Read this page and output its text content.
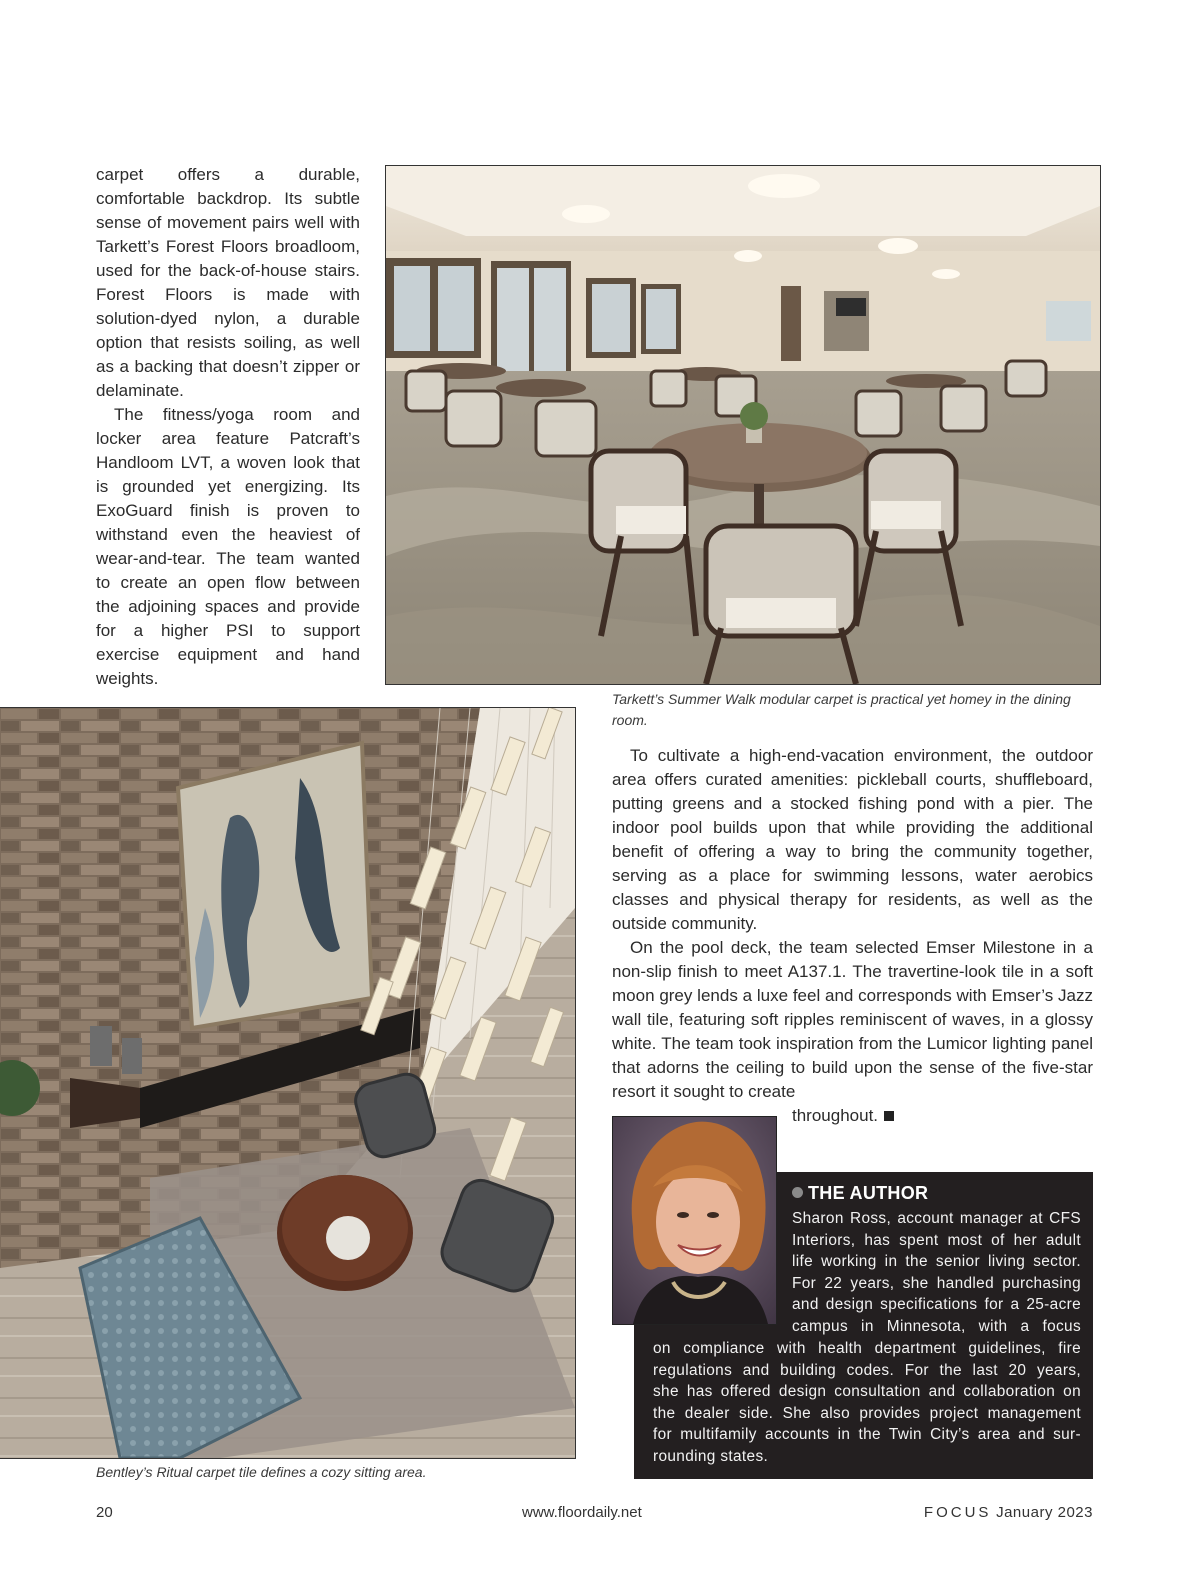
carpet offers a durable, comfortable backdrop. Its subtle sense of movement pairs well with Tarkett’s Forest Floors broadloom, used for the back-of-house stairs. Forest Floors is made with solution-dyed nylon, a durable option that resists soiling, as well as a backing that doesn’t zipper or delaminate.

The fitness/yoga room and locker area feature Patcraft’s Handloom LVT, a woven look that is grounded yet energizing. Its ExoGuard finish is proven to withstand even the heaviest of wear-and-tear. The team wanted to create an open flow between the adjoining spaces and provide for a higher PSI to support exercise equipment and hand weights.

Tarkett’s Summer Walk modular carpet is practical yet homey in the dining room.
Bentley’s Ritual carpet tile defines a cozy sitting area.

To cultivate a high-end-vacation environment, the outdoor area offers curated amenities: pickleball courts, shuffleboard, putting greens and a stocked fishing pond with a pier. The indoor pool builds upon that while providing the additional benefit of offering a way to bring the community together, serving as a place for swimming lessons, water aerobics classes and physical therapy for residents, as well as the outside community.

On the pool deck, the team selected Emser Milestone in a non-slip finish to meet A137.1. The travertine-look tile in a soft moon grey lends a luxe feel and corresponds with Emser’s Jazz wall tile, featuring soft ripples reminiscent of waves, in a glossy white. The team took inspiration from the Lumicor lighting panel that adorns the ceiling to build upon the sense of the five-star resort it sought to create

throughout.
THE AUTHOR
Sharon Ross, account manager at CFS
Interiors, has spent most of her adult
life working in the senior living sector.
For 22 years, she handled purchasing
and design specifications for a 25-acre
campus in Minnesota, with a focus
on compliance with health department guidelines, fire
regulations and building codes. For the last 20 years,
she has offered design consultation and collaboration on
the dealer side. She also provides project management
for multifamily accounts in the Twin City’s area and sur-
rounding states.
20	www.floordaily.net	FOCUS January 2023
